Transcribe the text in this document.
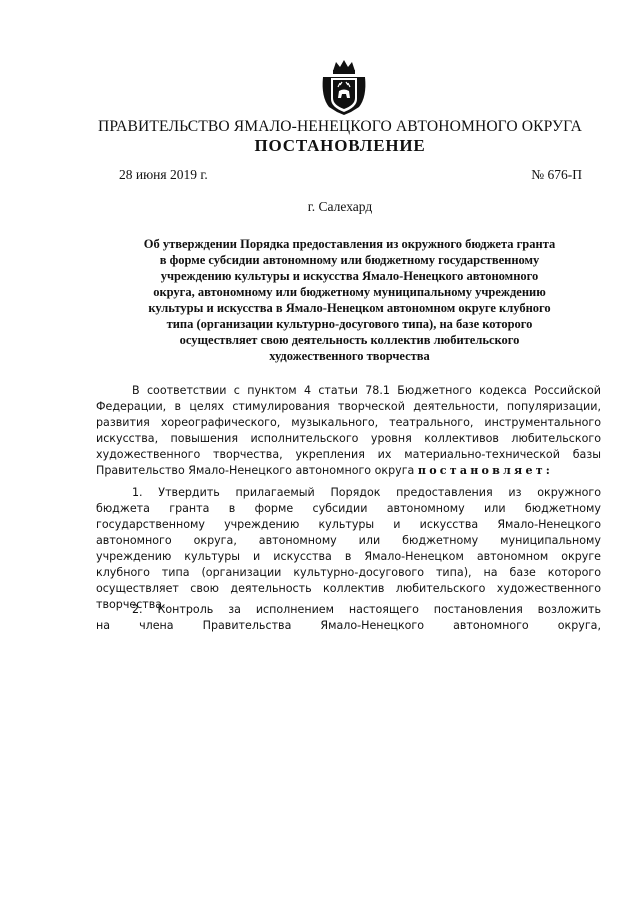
ПРАВИТЕЛЬСТВО ЯМАЛО-НЕНЕЦКОГО АВТОНОМНОГО ОКРУГА
ПОСТАНОВЛЕНИЕ
28 июня 2019 г.	№ 676-П
г. Салехард

Об утверждении Порядка предоставления из окружного бюджета гранта
в форме субсидии автономному или бюджетному государственному
учреждению культуры и искусства Ямало-Ненецкого автономного
округа, автономному или бюджетному муниципальному учреждению
культуры и искусства в Ямало-Ненецком автономном округе клубного
типа (организации культурно-досугового типа), на базе которого
осуществляет свою деятельность коллектив любительского
художественного творчества

В соответствии с пунктом 4 статьи 78.1 Бюджетного кодекса Российской
Федерации, в целях стимулирования творческой деятельности, популяризации,
развития хореографического, музыкального, театрального, инструментального
искусства, повышения исполнительского уровня коллективов любительского
художественного творчества, укрепления их материально-технической базы
Правительство Ямало-Ненецкого автономного округа постановляет:

1. Утвердить прилагаемый Порядок предоставления из окружного
бюджета гранта в форме субсидии автономному или бюджетному
государственному учреждению культуры и искусства Ямало-Ненецкого
автономного округа, автономному или бюджетному муниципальному
учреждению культуры и искусства в Ямало-Ненецком автономном округе
клубного типа (организации культурно-досугового типа), на базе которого
осуществляет свою деятельность коллектив любительского художественного
творчества.

2. Контроль за исполнением настоящего постановления возложить
на члена Правительства Ямало-Ненецкого автономного округа,
